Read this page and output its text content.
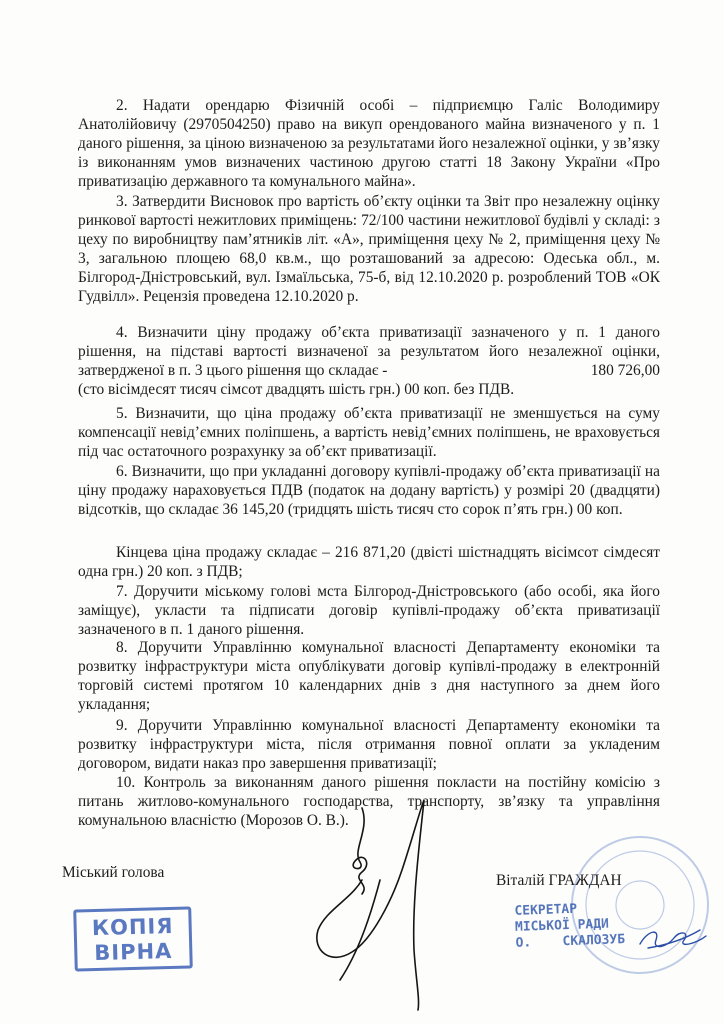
2. Надати орендарю Фізичній особі – підприємцю Галіс Володимиру Анатолійовичу (2970504250) право на викуп орендованого майна визначеного у п. 1 даного рішення, за ціною визначеною за результатами його незалежної оцінки, у зв’язку із виконанням умов визначених частиною другою статті 18 Закону України «Про приватизацію державного та комунального майна».

3. Затвердити Висновок про вартість об’єкту оцінки та Звіт про незалежну оцінку ринкової вартості нежитлових приміщень: 72/100 частини нежитлової будівлі у складі: з цеху по виробництву пам’ятників літ. «А», приміщення цеху № 2, приміщення цеху № 3, загальною площею 68,0 кв.м., що розташований за адресою: Одеська обл., м. Білгород-Дністровський, вул. Ізмаїльська, 75-б, від 12.10.2020 р. розроблений ТОВ «ОК Гудвілл». Рецензія проведена 12.10.2020 р.

4. Визначити ціну продажу об’єкта приватизації зазначеного у п. 1 даного рішення, на підставі вартості визначеної за результатом його незалежної оцінки, затвердженої в п. 3 цього рішення що складає -	180 726,00
(сто вісімдесят тисяч сімсот двадцять шість грн.) 00 коп. без ПДВ.

5. Визначити, що ціна продажу об’єкта приватизації не зменшується на суму компенсації невід’ємних поліпшень, а вартість невід’ємних поліпшень, не враховується під час остаточного розрахунку за об’єкт приватизації.

6. Визначити, що при укладанні договору купівлі-продажу об’єкта приватизації на ціну продажу нараховується ПДВ (податок на додану вартість) у розмірі 20 (двадцяти) відсотків, що складає 36 145,20 (тридцять шість тисяч сто сорок п’ять грн.) 00 коп.

Кінцева ціна продажу складає – 216 871,20 (двісті шістнадцять вісімсот сімдесят одна грн.) 20 коп. з ПДВ;

7. Доручити міському голові мста Білгород-Дністровського (або особі, яка його заміщує), укласти та підписати договір купівлі-продажу об’єкта приватизації зазначеного в п. 1 даного рішення.

8. Доручити Управлінню комунальної власності Департаменту економіки та розвитку інфраструктури міста опублікувати договір купівлі-продажу в електронній торговій системі протягом 10 календарних днів з дня наступного за днем його укладання;

9. Доручити Управлінню комунальної власності Департаменту економіки та розвитку інфраструктури міста, після отримання повної оплати за укладеним договором, видати наказ про завершення приватизації;

10. Контроль за виконанням даного рішення покласти на постійну комісію з питань житлово-комунального господарства, транспорту, зв’язку та управління комунальною власністю (Морозов О. В.).

Міський голова	Віталій ГРАЖДАН
КОПІЯ
ВІРНА
СЕКРЕТАР
МІСЬКОЇ РАДИ
О.    СКАЛОЗУБ
